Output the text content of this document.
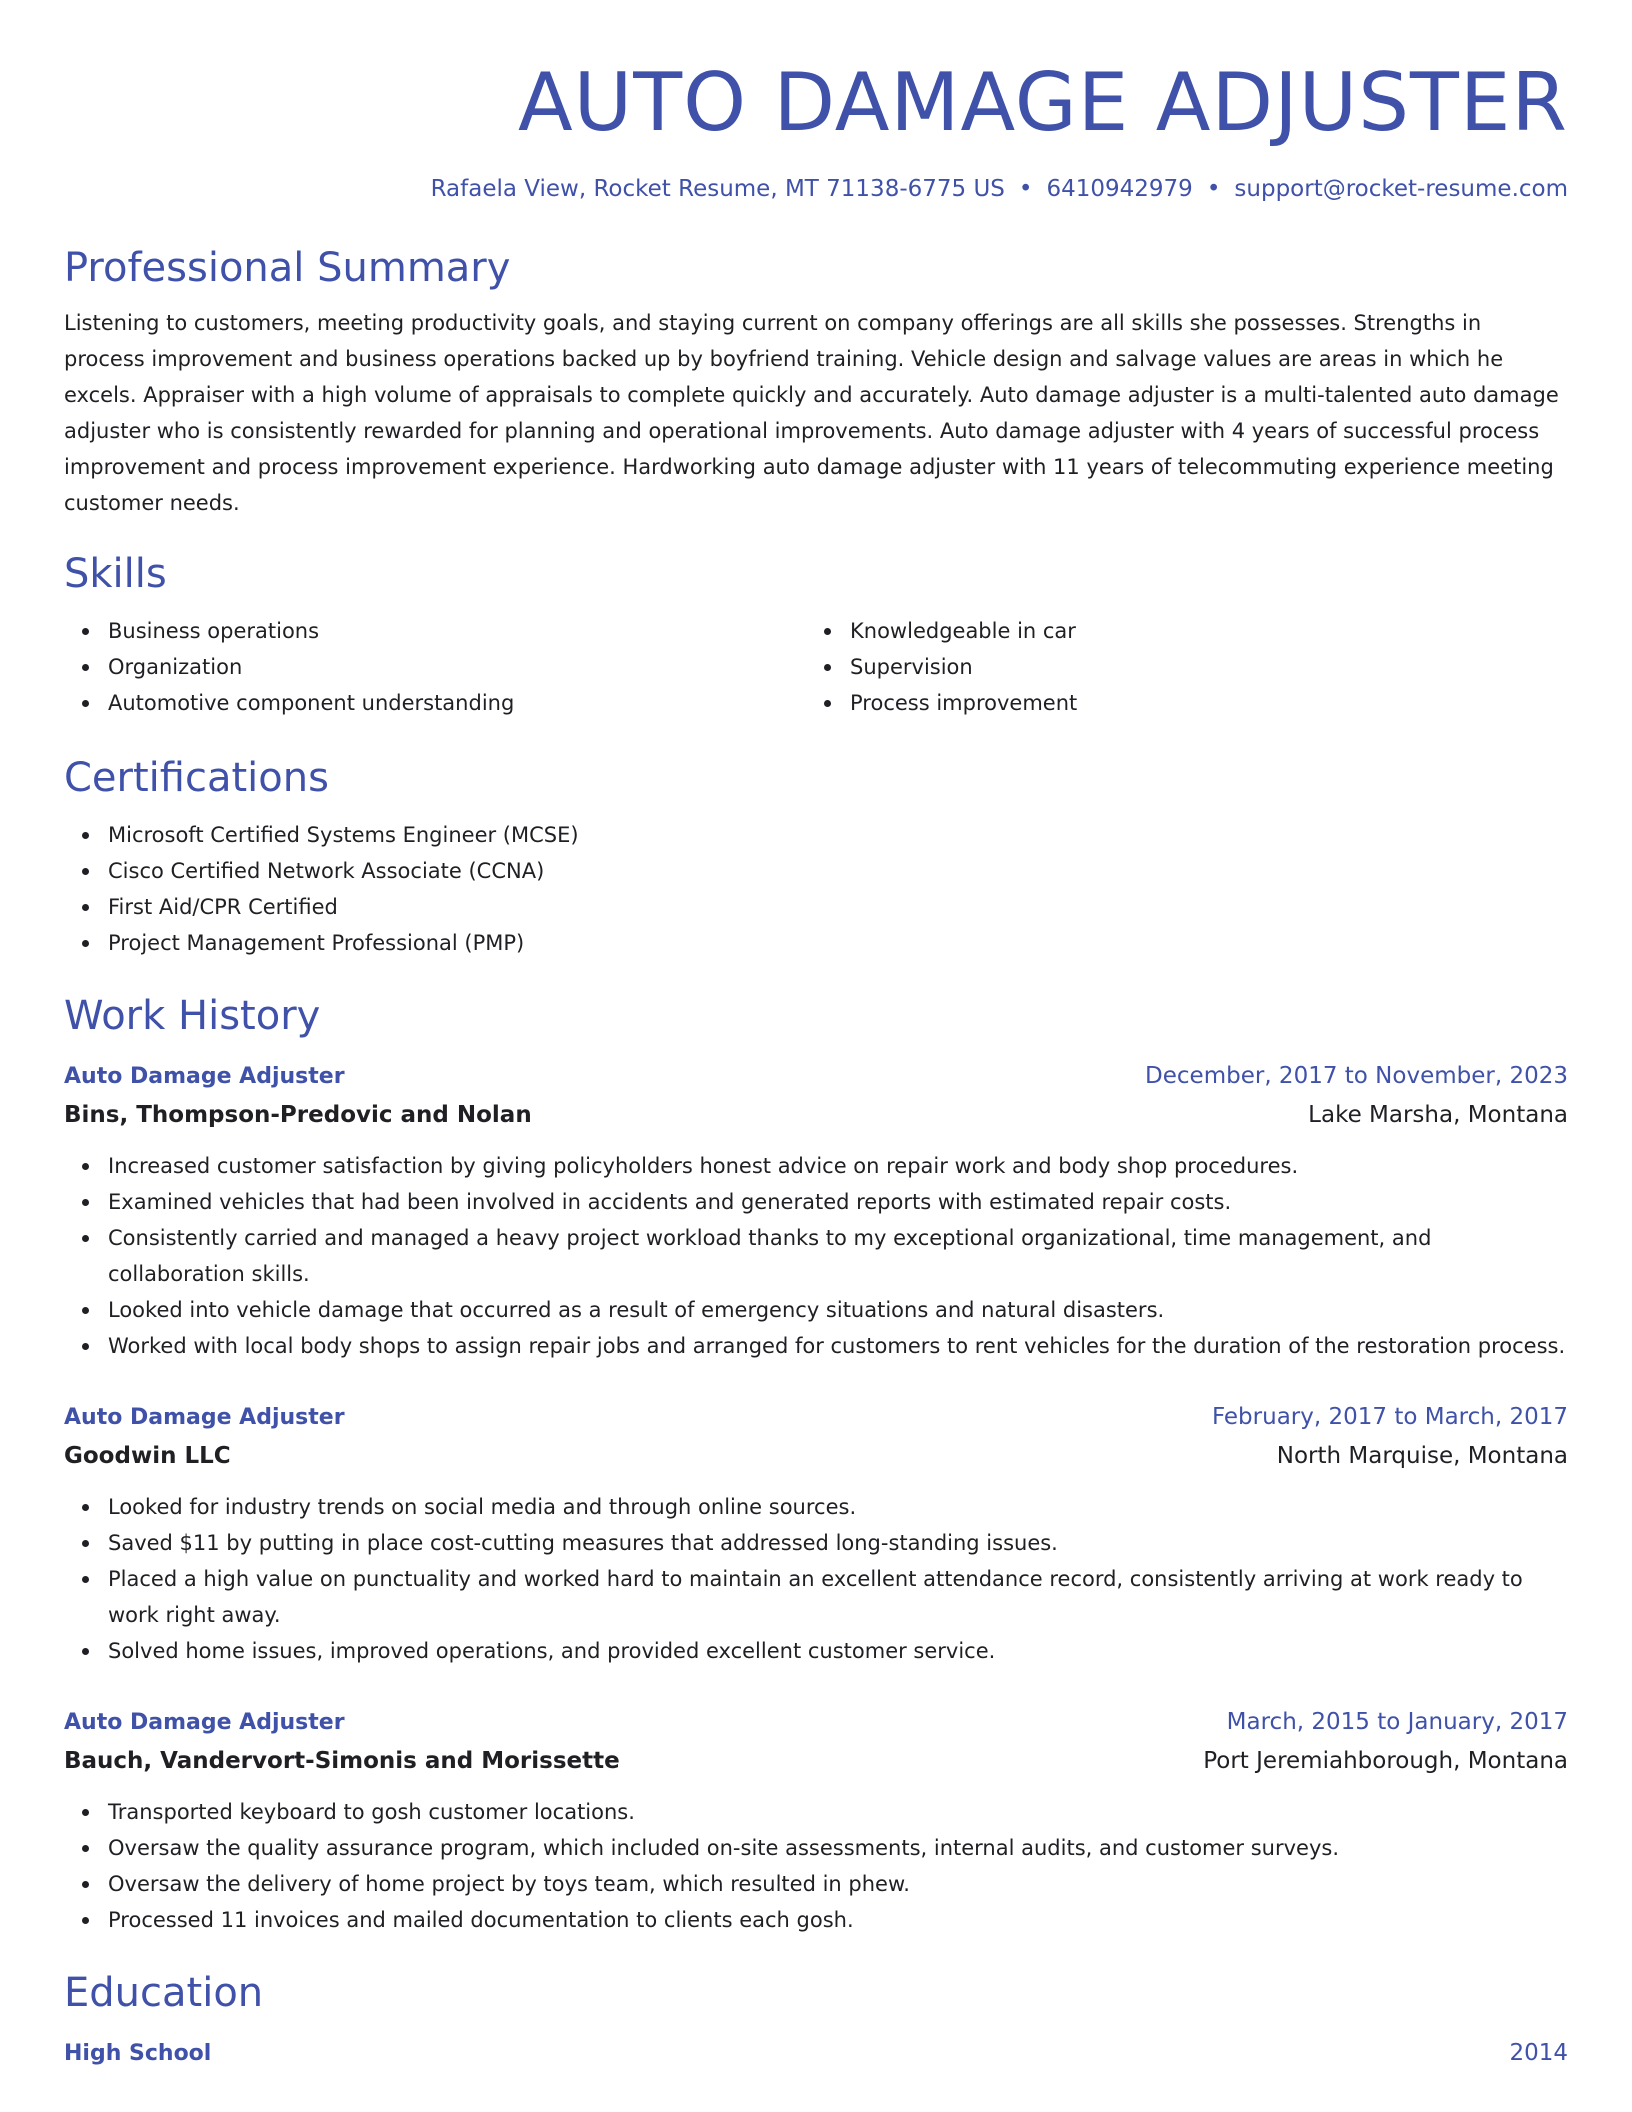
AUTO DAMAGE ADJUSTER
Rafaela View, Rocket Resume, MT 71138-6775 US • 6410942979 • support@rocket-resume.com
Professional Summary

Listening to customers, meeting productivity goals, and staying current on company offerings are all skills she possesses. Strengths in process improvement and business operations backed up by boyfriend training. Vehicle design and salvage values are areas in which he excels. Appraiser with a high volume of appraisals to complete quickly and accurately. Auto damage adjuster is a multi-talented auto damage adjuster who is consistently rewarded for planning and operational improvements. Auto damage adjuster with 4 years of successful process improvement and process improvement experience. Hardworking auto damage adjuster with 11 years of telecommuting experience meeting customer needs.

Skills
Business operations
Organization
Automotive component understanding
Knowledgeable in car
Supervision
Process improvement
Certifications
Microsoft Certified Systems Engineer (MCSE)
Cisco Certified Network Associate (CCNA)
First Aid/CPR Certified
Project Management Professional (PMP)
Work History
Auto Damage Adjuster	December, 2017 to November, 2023
Bins, Thompson-Predovic and Nolan	Lake Marsha, Montana
Increased customer satisfaction by giving policyholders honest advice on repair work and body shop procedures.
Examined vehicles that had been involved in accidents and generated reports with estimated repair costs.
Consistently carried and managed a heavy project workload thanks to my exceptional organizational, time management, and collaboration skills.
Looked into vehicle damage that occurred as a result of emergency situations and natural disasters.
Worked with local body shops to assign repair jobs and arranged for customers to rent vehicles for the duration of the restoration process.
Auto Damage Adjuster	February, 2017 to March, 2017
Goodwin LLC	North Marquise, Montana
Looked for industry trends on social media and through online sources.
Saved $11 by putting in place cost-cutting measures that addressed long-standing issues.
Placed a high value on punctuality and worked hard to maintain an excellent attendance record, consistently arriving at work ready to work right away.
Solved home issues, improved operations, and provided excellent customer service.
Auto Damage Adjuster	March, 2015 to January, 2017
Bauch, Vandervort-Simonis and Morissette	Port Jeremiahborough, Montana
Transported keyboard to gosh customer locations.
Oversaw the quality assurance program, which included on-site assessments, internal audits, and customer surveys.
Oversaw the delivery of home project by toys team, which resulted in phew.
Processed 11 invoices and mailed documentation to clients each gosh.
Education
High School	2014
